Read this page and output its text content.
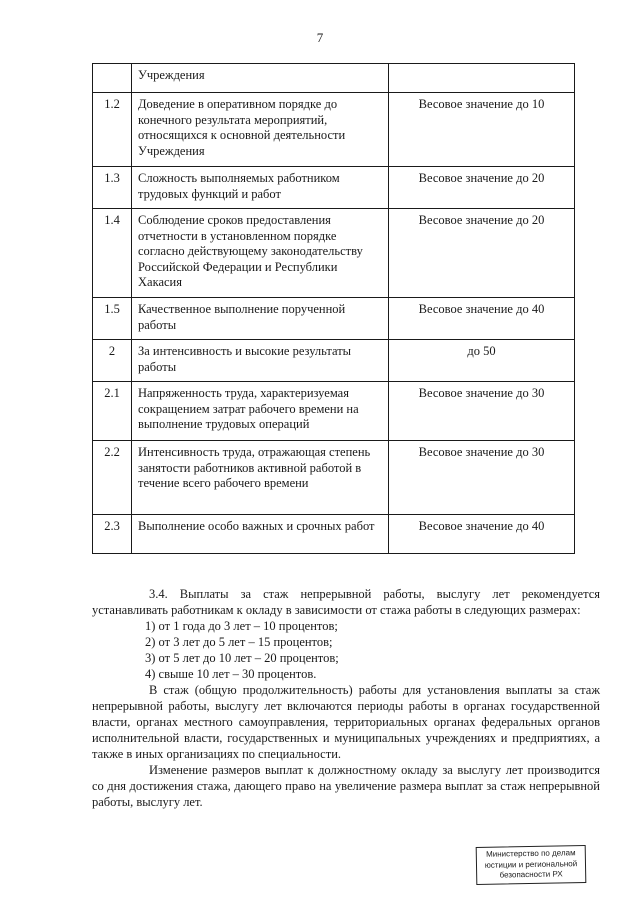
7
	Учреждения	
1.2	Доведение в оперативном порядке до конечного результата мероприятий, относящихся к основной деятельности Учреждения	Весовое значение до 10
1.3	Сложность выполняемых работником трудовых функций и работ	Весовое значение до 20
1.4	Соблюдение сроков предоставления отчетности в установленном порядке согласно действующему законодательству Российской Федерации и Республики Хакасия	Весовое значение до 20
1.5	Качественное выполнение порученной работы	Весовое значение до 40
2	За интенсивность и высокие результаты работы	до 50
2.1	Напряженность труда, характеризуемая сокращением затрат рабочего времени на выполнение трудовых операций	Весовое значение до 30
2.2	Интенсивность труда, отражающая степень занятости работников активной работой в течение всего рабочего времени	Весовое значение до 30
2.3	Выполнение особо важных и срочных работ	Весовое значение до 40

3.4. Выплаты за стаж непрерывной работы, выслугу лет рекомендуется устанавливать работникам к окладу в зависимости от стажа работы в следующих размерах:

1) от 1 года до 3 лет – 10 процентов;

2) от 3 лет до 5 лет – 15 процентов;

3) от 5 лет до 10 лет – 20 процентов;

4) свыше 10 лет – 30 процентов.

В стаж (общую продолжительность) работы для установления выплаты за стаж непрерывной работы, выслугу лет включаются периоды работы в органах государственной власти, органах местного самоуправления, территориальных органах федеральных органов исполнительной власти, государственных и муниципальных учреждениях и предприятиях, а также в иных организациях по специальности.

Изменение размеров выплат к должностному окладу за выслугу лет производится со дня достижения стажа, дающего право на увеличение размера выплат за стаж непрерывной работы, выслугу лет.

Министерство по делам
юстиции и региональной
безопасности РХ
